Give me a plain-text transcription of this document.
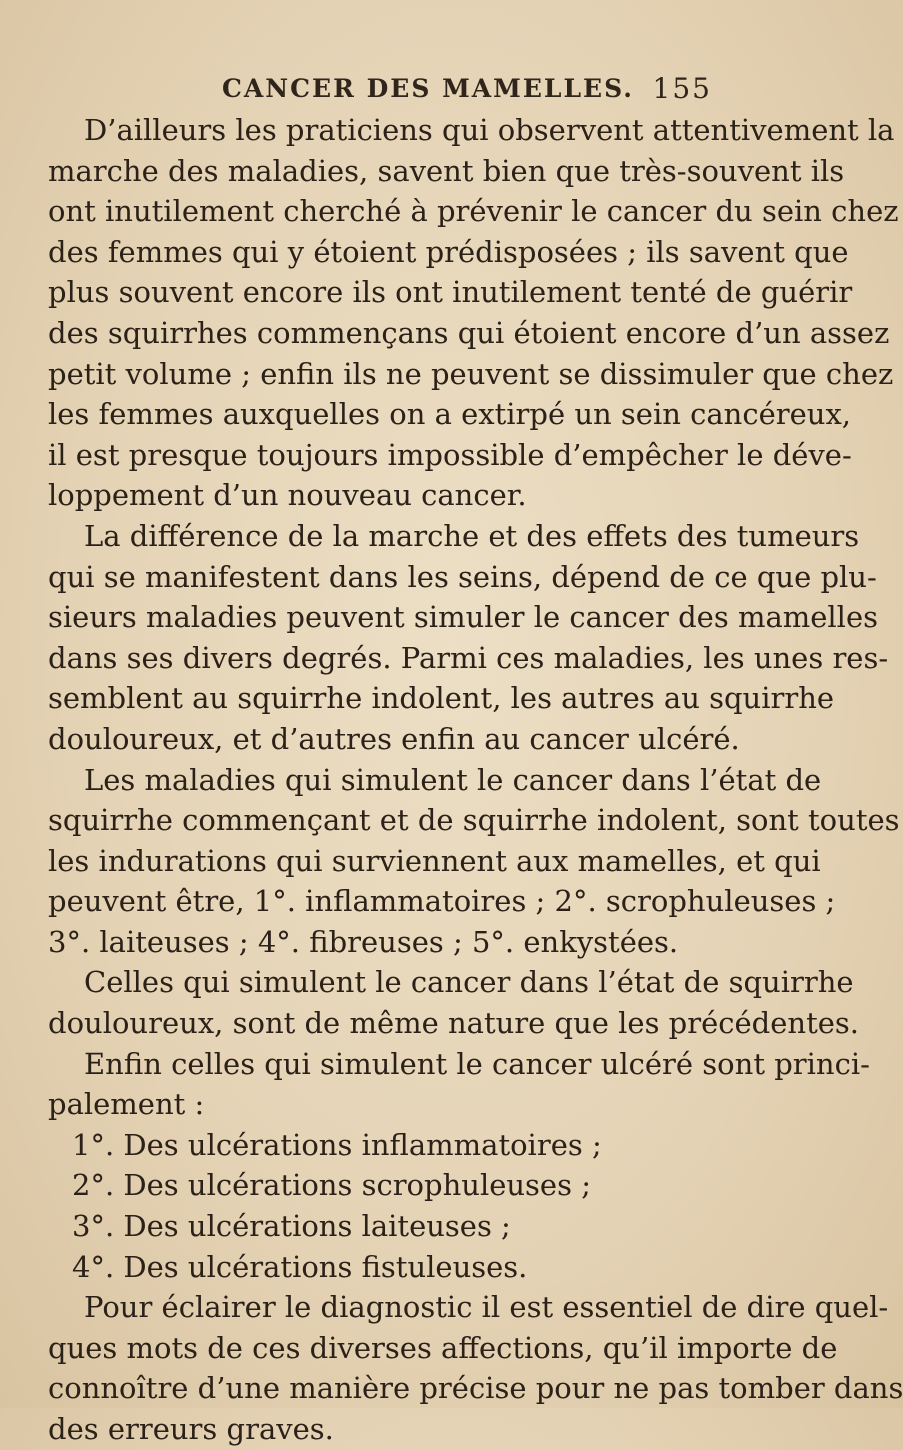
CANCER DES MAMELLES. 155
D’ailleurs les praticiens qui observent attentivement la
marche des maladies, savent bien que très-souvent ils
ont inutilement cherché à prévenir le cancer du sein chez
des femmes qui y étoient prédisposées ; ils savent que
plus souvent encore ils ont inutilement tenté de guérir
des squirrhes commençans qui étoient encore d’un assez
petit volume ; enfin ils ne peuvent se dissimuler que chez
les femmes auxquelles on a extirpé un sein cancéreux,
il est presque toujours impossible d’empêcher le déve-
loppement d’un nouveau cancer.
La différence de la marche et des effets des tumeurs
qui se manifestent dans les seins, dépend de ce que plu-
sieurs maladies peuvent simuler le cancer des mamelles
dans ses divers degrés. Parmi ces maladies, les unes res-
semblent au squirrhe indolent, les autres au squirrhe
douloureux, et d’autres enfin au cancer ulcéré.
Les maladies qui simulent le cancer dans l’état de
squirrhe commençant et de squirrhe indolent, sont toutes
les indurations qui surviennent aux mamelles, et qui
peuvent être, 1°. inflammatoires ; 2°. scrophuleuses ;
3°. laiteuses ; 4°. fibreuses ; 5°. enkystées.
Celles qui simulent le cancer dans l’état de squirrhe
douloureux, sont de même nature que les précédentes.
Enfin celles qui simulent le cancer ulcéré sont princi-
palement :
1°. Des ulcérations inflammatoires ;
2°. Des ulcérations scrophuleuses ;
3°. Des ulcérations laiteuses ;
4°. Des ulcérations fistuleuses.
Pour éclairer le diagnostic il est essentiel de dire quel-
ques mots de ces diverses affections, qu’il importe de
connoître d’une manière précise pour ne pas tomber dans
des erreurs graves.
